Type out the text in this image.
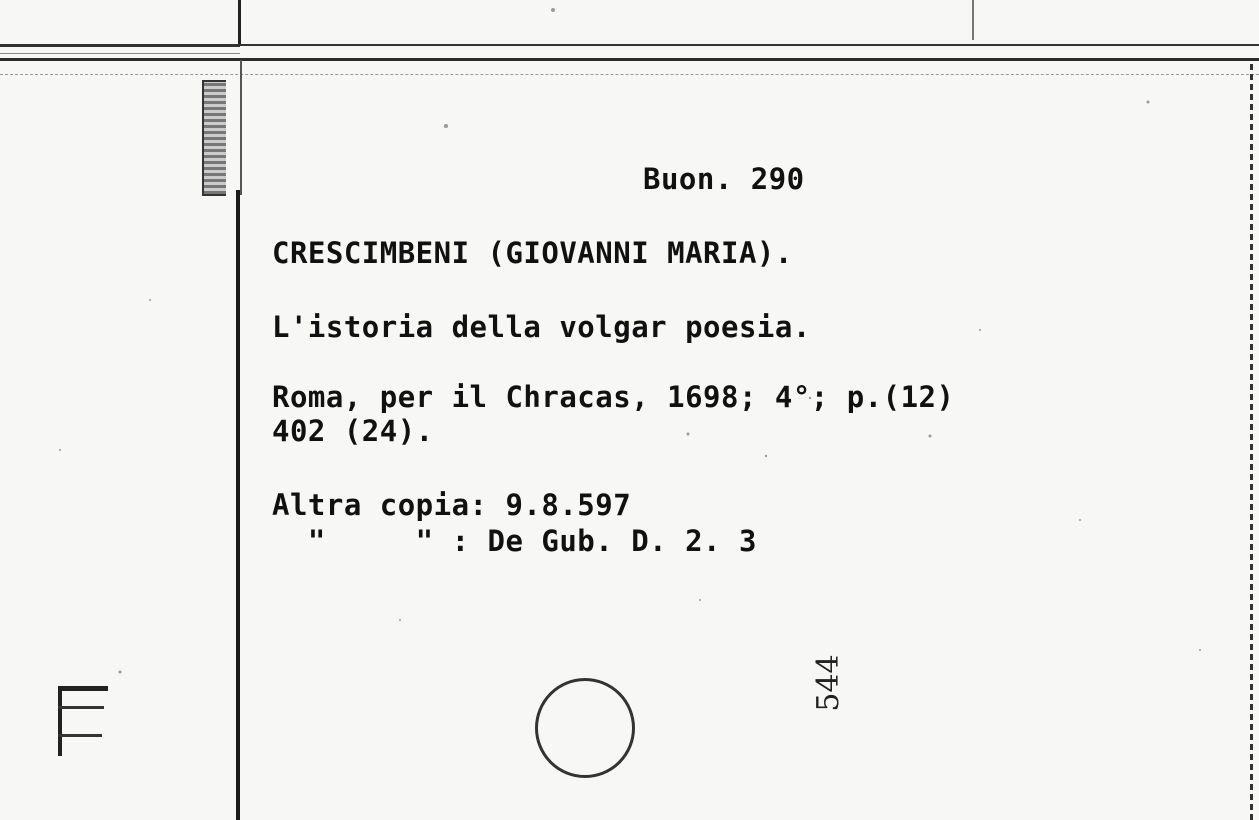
Buon. 290
CRESCIMBENI (GIOVANNI MARIA).
L'istoria della volgar poesia.
Roma, per il Chracas, 1698; 4°; p.(12)
402 (24).
Altra copia: 9.8.597
"     " : De Gub. D. 2. 3
544
